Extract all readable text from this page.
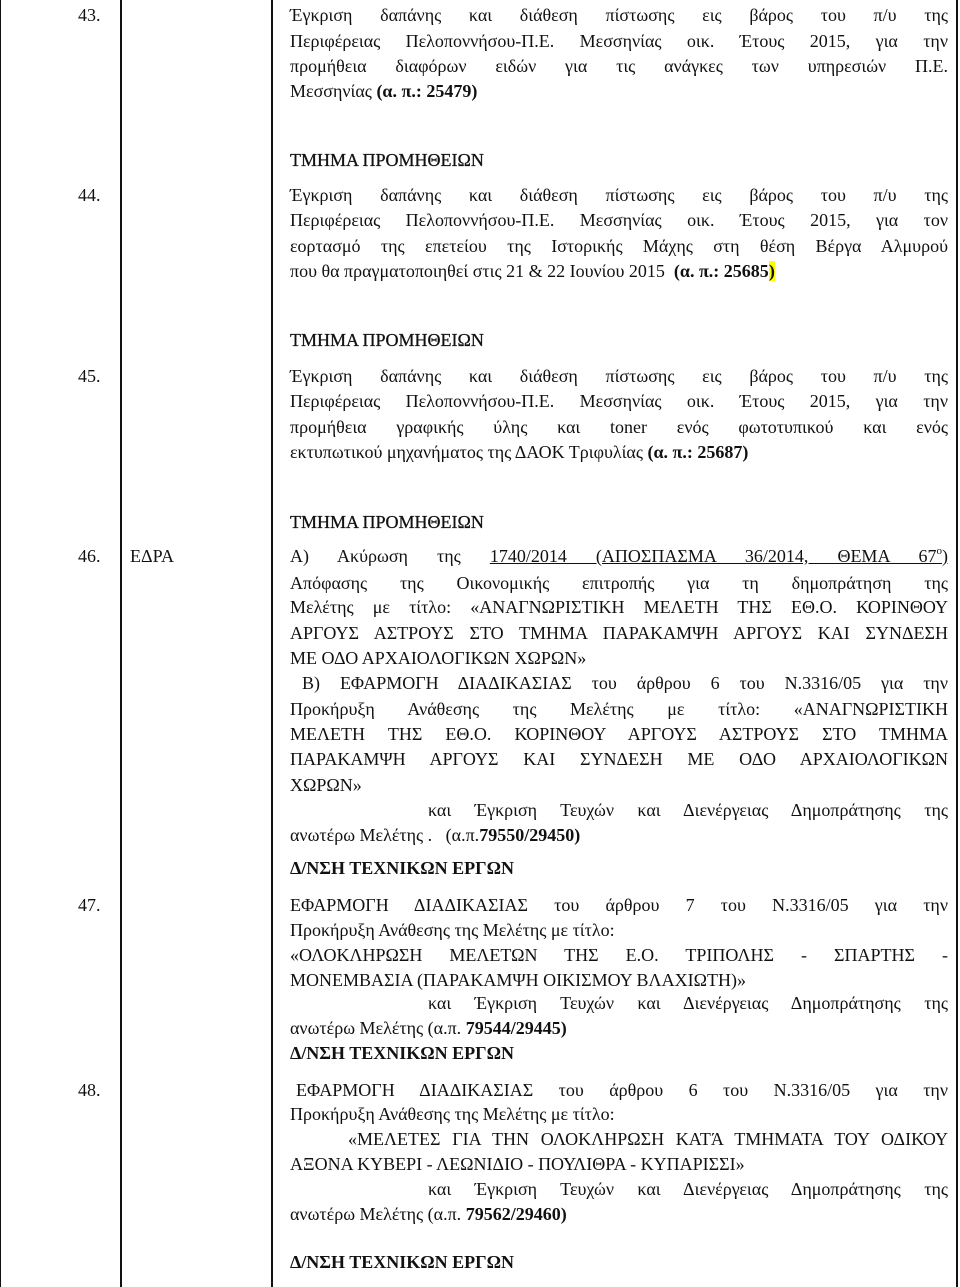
43.	Έγκριση δαπάνης και διάθεση πίστωσης εις βάρος του π/υ της
Περιφέρειας Πελοποννήσου-Π.Ε. Μεσσηνίας οικ. Έτους 2015, για την
προμήθεια διαφόρων ειδών για τις ανάγκες των υπηρεσιών Π.Ε.
Μεσσηνίας (α. π.: 25479)
ΤΜΗΜΑ ΠΡΟΜΗΘΕΙΩΝ
44.	Έγκριση δαπάνης και διάθεση πίστωσης εις βάρος του π/υ της
Περιφέρειας Πελοποννήσου-Π.Ε. Μεσσηνίας οικ. Έτους 2015, για τον
εορτασμό της επετείου της Ιστορικής Μάχης στη θέση Βέργα Αλμυρού
που θα πραγματοποιηθεί στις 21 & 22 Ιουνίου 2015  (α. π.: 25685)
ΤΜΗΜΑ ΠΡΟΜΗΘΕΙΩΝ
45.	Έγκριση δαπάνης και διάθεση πίστωσης εις βάρος του π/υ της
Περιφέρειας Πελοποννήσου-Π.Ε. Μεσσηνίας οικ. Έτους 2015, για την
προμήθεια γραφικής ύλης και toner ενός φωτοτυπικού και ενός
εκτυπωτικού μηχανήματος της ΔΑΟΚ Τριφυλίας (α. π.: 25687)
ΤΜΗΜΑ ΠΡΟΜΗΘΕΙΩΝ
46. ΕΔΡΑ	Α) Ακύρωση της 1740/2014 (ΑΠΟΣΠΑΣΜΑ 36/2014, ΘΕΜΑ $67^o$)
Απόφασης της Οικονομικής επιτροπής για τη δημοπράτηση της
Μελέτης με τίτλο: «ΑΝΑΓΝΩΡΙΣΤΙΚΗ ΜΕΛΕΤΗ ΤΗΣ ΕΘ.Ο. ΚΟΡΙΝΘΟΥ
ΑΡΓΟΥΣ ΑΣΤΡΟΥΣ ΣΤΟ ΤΜΗΜΑ ΠΑΡΑΚΑΜΨΗ ΑΡΓΟΥΣ ΚΑΙ ΣΥΝΔΕΣΗ
ΜΕ ΟΔΟ ΑΡΧΑΙΟΛΟΓΙΚΩΝ ΧΩΡΩΝ»
Β) ΕΦΑΡΜΟΓΗ ΔΙΑΔΙΚΑΣΙΑΣ του άρθρου 6 του Ν.3316/05 για την
Προκήρυξη Ανάθεσης της Μελέτης με τίτλο: «ΑΝΑΓΝΩΡΙΣΤΙΚΗ
ΜΕΛΕΤΗ ΤΗΣ ΕΘ.Ο. ΚΟΡΙΝΘΟΥ ΑΡΓΟΥΣ ΑΣΤΡΟΥΣ ΣΤΟ ΤΜΗΜΑ
ΠΑΡΑΚΑΜΨΗ ΑΡΓΟΥΣ ΚΑΙ ΣΥΝΔΕΣΗ ΜΕ ΟΔΟ ΑΡΧΑΙΟΛΟΓΙΚΩΝ
ΧΩΡΩΝ»
και Έγκριση Τευχών και Διενέργειας Δημοπράτησης της
ανωτέρω Μελέτης .   (α.π.79550/29450)
Δ/ΝΣΗ ΤΕΧΝΙΚΩΝ ΕΡΓΩΝ
47.	ΕΦΑΡΜΟΓΗ ΔΙΑΔΙΚΑΣΙΑΣ του άρθρου 7 του Ν.3316/05 για την
Προκήρυξη Ανάθεσης της Μελέτης με τίτλο:
«ΟΛΟΚΛΗΡΩΣΗ ΜΕΛΕΤΩΝ ΤΗΣ Ε.Ο. ΤΡΙΠΟΛΗΣ - ΣΠΑΡΤΗΣ -
ΜΟΝΕΜΒΑΣΙΑ (ΠΑΡΑΚΑΜΨΗ ΟΙΚΙΣΜΟΥ ΒΛΑΧΙΩΤΗ)»
και Έγκριση Τευχών και Διενέργειας Δημοπράτησης της
ανωτέρω Μελέτης (α.π. 79544/29445)
Δ/ΝΣΗ ΤΕΧΝΙΚΩΝ ΕΡΓΩΝ
48.	ΕΦΑΡΜΟΓΗ ΔΙΑΔΙΚΑΣΙΑΣ του άρθρου 6 του Ν.3316/05 για την
Προκήρυξη Ανάθεσης της Μελέτης με τίτλο:
«ΜΕΛΕΤΕΣ ΓΙΑ ΤΗΝ ΟΛΟΚΛΗΡΩΣΗ ΚΑΤΆ ΤΜΗΜΑΤΑ ΤΟΥ ΟΔΙΚΟΥ
ΑΞΟΝΑ ΚΥΒΕΡΙ - ΛΕΩΝΙΔΙΟ - ΠΟΥΛΙΘΡΑ - ΚΥΠΑΡΙΣΣΙ»
και Έγκριση Τευχών και Διενέργειας Δημοπράτησης της
ανωτέρω Μελέτης (α.π. 79562/29460)
Δ/ΝΣΗ ΤΕΧΝΙΚΩΝ ΕΡΓΩΝ
